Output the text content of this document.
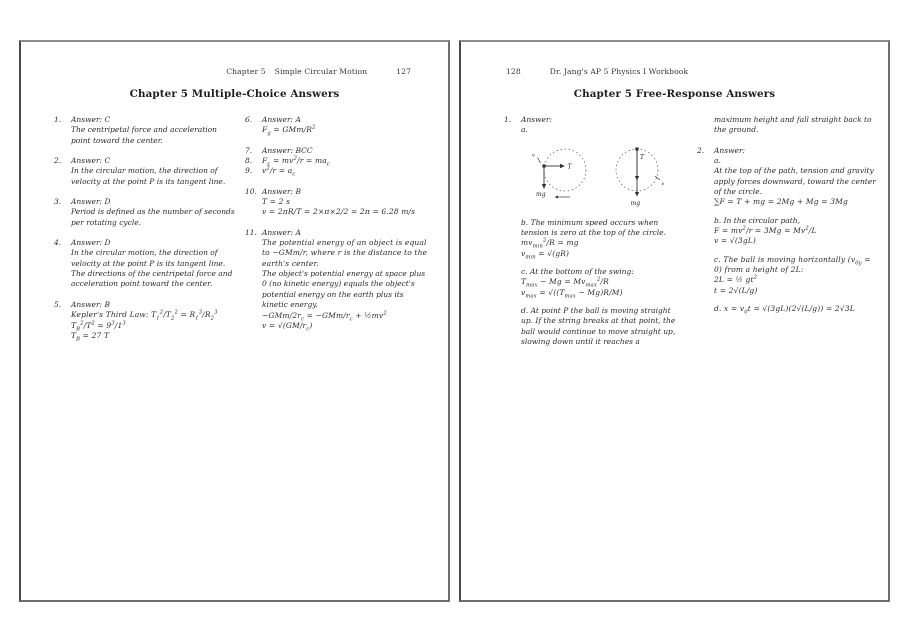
Chapter 5 Simple Circular Motion	127
Chapter 5 Multiple-Choice Answers
1.	Answer: C
The centripetal force and acceleration point toward the center.
2.	Answer: C
In the circular motion, the direction of velocity at the point P is its tangent line.
3.	Answer: D
Period is defined as the number of seconds per rotating cycle.
4.	Answer: D
In the circular motion, the direction of velocity at the point P is its tangent line. The directions of the centripetal force and acceleration point toward the center.
5.	Answer: B
Kepler's Third Law: $T_1^2/T_2^2 = R_1^3/R_2^3$
$T_B^2/T^2 = 9^3/1^3$
$T_B = 27$ T
6.	Answer: A
$F_g = GMm/R^2$
7.
8.
9.
Answer: BCC
$F_c = mv^2/r = ma_c$
$v^2/r = a_c$
10. Answer: B
T = 2 s
v = 2πR/T = 2×π×2/2 = 2π = 6.28 m/s
11. Answer: A
The potential energy of an object is equal to −GMm/r, where r is the distance to the earth's center.
The object's potential energy at space plus 0 (no kinetic energy) equals the object's potential energy on the earth plus its kinetic energy.
$-GMm/2r_c = -GMm/r_c$ + $\frac{1}{2}mv^2$
$v = √(GM/r_c)$
128	Dr. Jang's AP 5 Physics I Workbook
Chapter 5 Free-Response Answers
1.	Answer:
a.
T
mg
v	T
mg
v
b. The minimum speed occurs when tension is zero at the top of the circle.
$mv_{min}^2/R$ = mg
$v_{min} = √(gR)$
c. At the bottom of the swing:
$T_{max} - Mg = Mv_{max}^2/R$
$v_{max} = √((T_{max} - Mg)R/M)$
d. At point P the ball is moving straight up. If the string breaks at that point, the ball would continue to move straight up, slowing down until it reaches a
maximum height and fall straight back to the ground.
2.	Answer:
a.
At the top of the path, tension and gravity apply forces downward, toward the center of the circle.
∑F = T + mg = 2Mg + Mg = 3Mg
b. In the circular path,
$F = mv^2/r = 3Mg = Mv^2/L$
v = √(3gL)
c. The ball is moving horizontally $(v_{0y} = 0)$ from a height of 2L:
2L = ½ $gt^2$
t = 2√(L/g)
d. $x = v_0t = √(3gL)(2√(L/g)) = 2√3L$
